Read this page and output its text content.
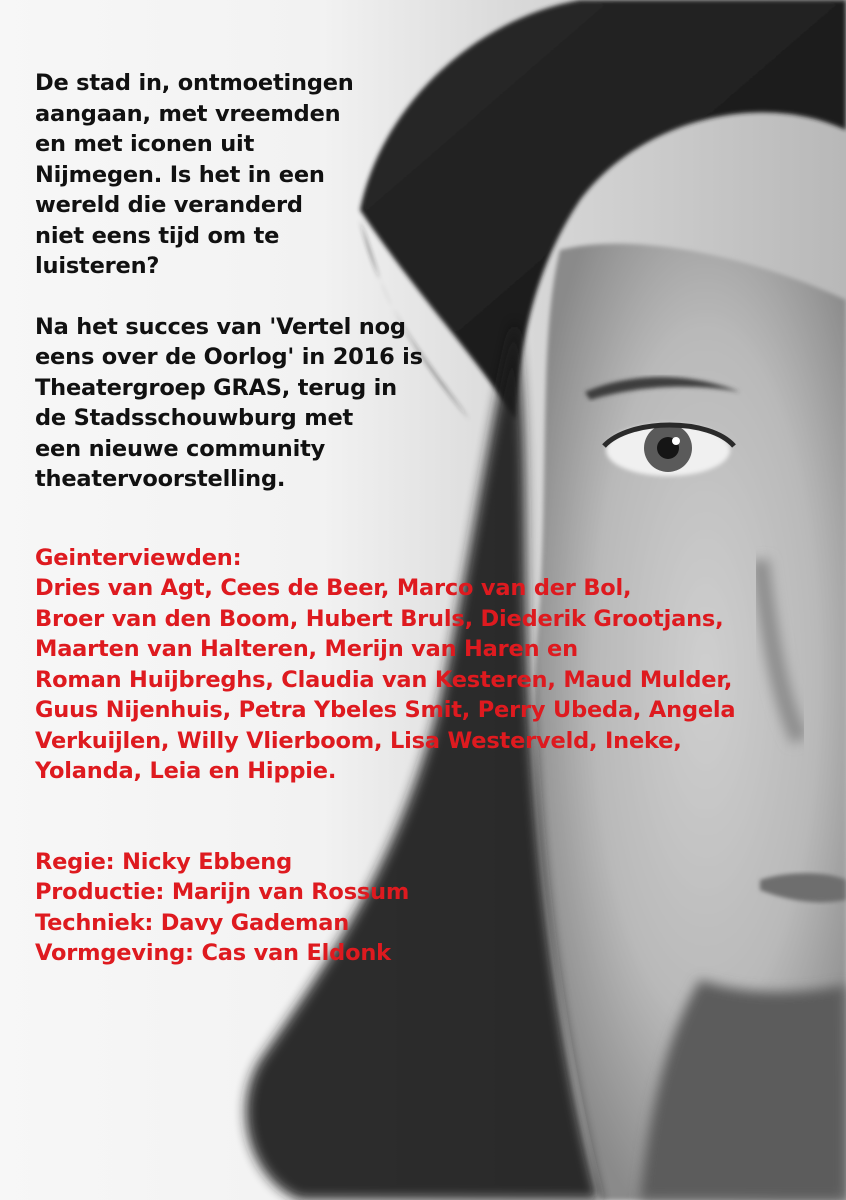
De stad in, ontmoetingen
aangaan, met vreemden
en met iconen uit
Nijmegen. Is het in een
wereld die veranderd
niet eens tijd om te
luisteren?
Na het succes van 'Vertel nog
eens over de Oorlog' in 2016 is
Theatergroep GRAS, terug in
de Stadsschouwburg met
een nieuwe community
theatervoorstelling.
Geinterviewden:
Dries van Agt, Cees de Beer, Marco van der Bol,
Broer van den Boom, Hubert Bruls, Diederik Grootjans,
Maarten van Halteren, Merijn van Haren en
Roman Huijbreghs, Claudia van Kesteren, Maud Mulder,
Guus Nijenhuis, Petra Ybeles Smit, Perry Ubeda, Angela
Verkuijlen, Willy Vlierboom, Lisa Westerveld, Ineke,
Yolanda, Leia en Hippie.
Regie: Nicky Ebbeng
Productie: Marijn van Rossum
Techniek: Davy Gademan
Vormgeving: Cas van Eldonk
